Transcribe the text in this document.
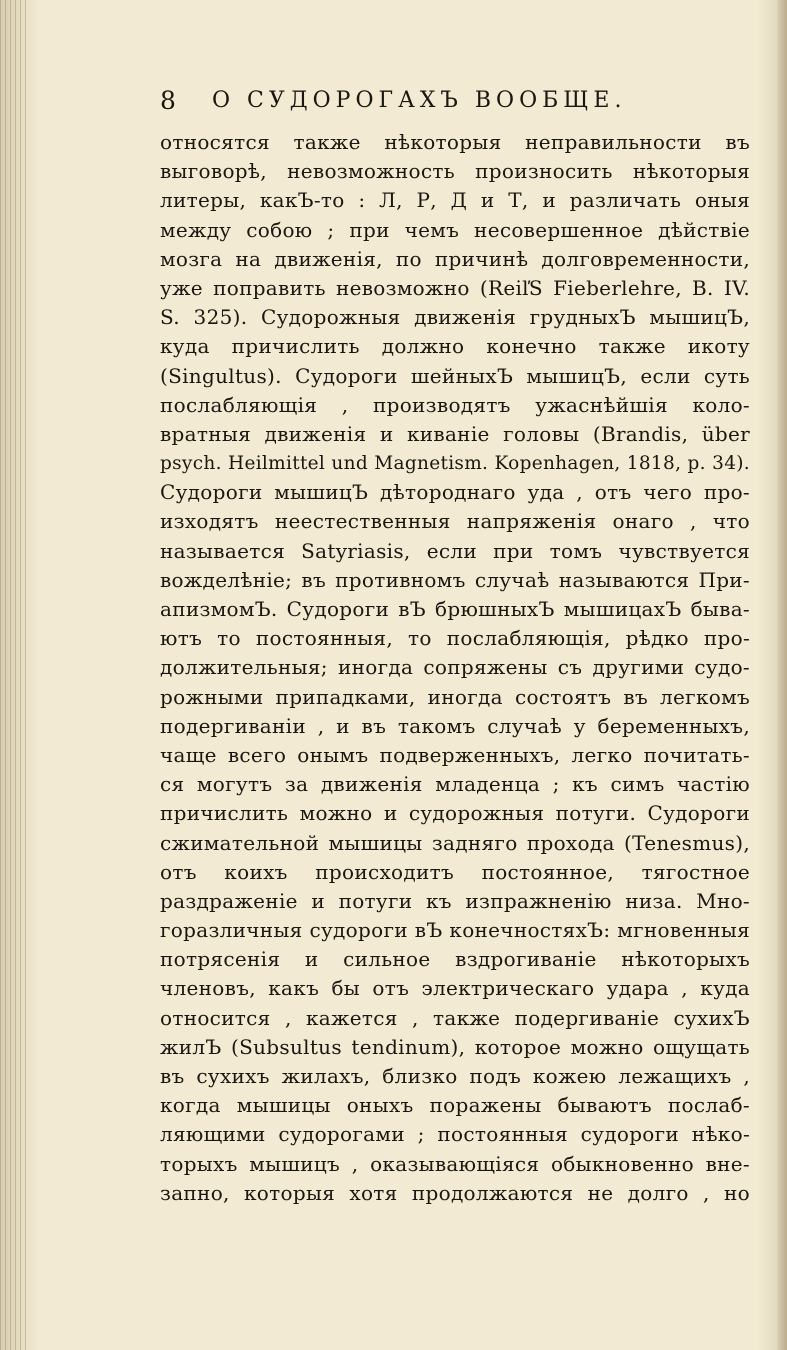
8 О СУДОРОГАХЪ ВООБЩЕ.
относятся также нѣкоторыя неправильности въ
выговорѣ, невозможность произносить нѣкоторыя
литеры, какЪ-то : Л, Р, Д и Т, и различать оныя
между собою ; при чемъ несовершенное дѣйствіе
мозга на движенія, по причинѣ долговременности,
уже поправить невозможно (ReiľS Fieberlehre, B. IV.
S. 325). Судорожныя движенія грудныхЪ мышицЪ,
куда причислить должно конечно также икоту
(Singultus). Судороги шейныхЪ мышицЪ, если суть
послабляющія , производятъ ужаснѣйшія коло-
вратныя движенія и киваніе головы (Brandis, über
psych. Heilmittel und Magnetism. Kopenhagen, 1818, p. 34).
Судороги мышицЪ дѣтороднаго уда , отъ чего про-
изходятъ неестественныя напряженія онаго , что
называется Satyriasis, если при томъ чувствуется
вожделѣніе; въ противномъ случаѣ называются При-
апизмомЪ. Судороги вЪ брюшныхЪ мышицахЪ быва-
ютъ то постоянныя, то послабляющія, рѣдко про-
должительныя; иногда сопряжены съ другими судо-
рожными припадками, иногда состоятъ въ легкомъ
подергиваніи , и въ такомъ случаѣ у беременныхъ,
чаще всего онымъ подверженныхъ, легко почитать-
ся могутъ за движенія младенца ; къ симъ частію
причислить можно и судорожныя потуги. Судороги
сжимательной мышицы задняго прохода (Tenesmus),
отъ коихъ происходитъ постоянное, тягостное
раздраженіе и потуги къ изпражненію низа. Мно-
горазличныя судороги вЪ конечностяхЪ: мгновенныя
потрясенія и сильное вздрогиваніе нѣкоторыхъ
членовъ, какъ бы отъ электрическаго удара , куда
относится , кажется , также подергиваніе сухихЪ
жилЪ (Subsultus tendinum), которое можно ощущать
въ сухихъ жилахъ, близко подъ кожею лежащихъ ,
когда мышицы оныхъ поражены бываютъ послаб-
ляющими судорогами ; постоянныя судороги нѣко-
торыхъ мышицъ , оказывающіяся обыкновенно вне-
запно, которыя хотя продолжаются не долго , но
